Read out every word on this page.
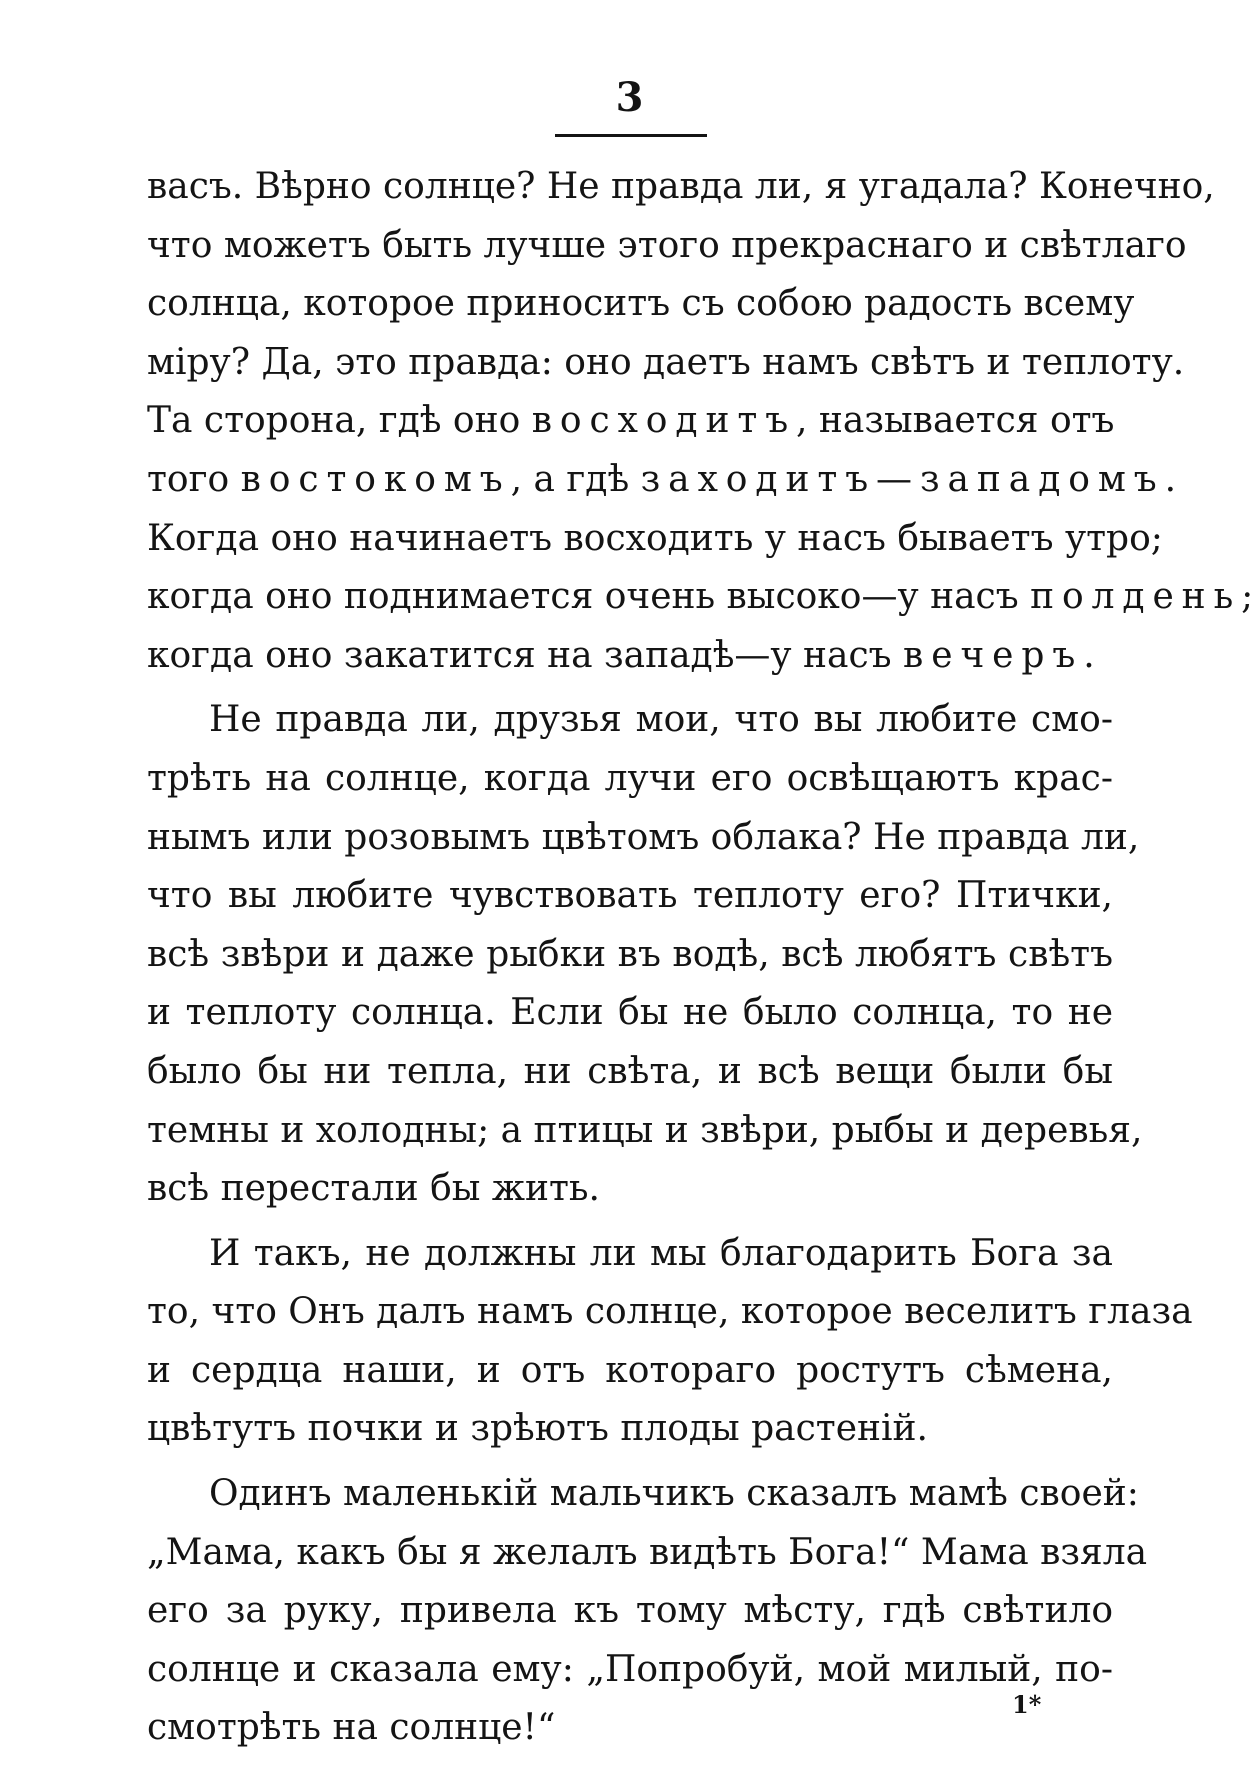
3
васъ. Вѣрно солнце? Не правда ли, я угадала? Конечно,
что можетъ быть лучше этого прекраснаго и свѣтлаго
солнца, которое приноситъ съ собою радость всему
міру? Да, это правда: оно даетъ намъ свѣтъ и теплоту.
Та сторона, гдѣ оно восходитъ, называется отъ
того востокомъ, а гдѣ заходитъ—западомъ.
Когда оно начинаетъ восходить у насъ бываетъ утро;
когда оно поднимается очень высоко—у насъ полдень;
когда оно закатится на западѣ—у насъ вечеръ.
Не правда ли, друзья мои, что вы любите смо-
трѣть на солнце, когда лучи его освѣщаютъ крас-
нымъ или розовымъ цвѣтомъ облака? Не правда ли,
что вы любите чувствовать теплоту его? Птички,
всѣ звѣри и даже рыбки въ водѣ, всѣ любятъ свѣтъ
и теплоту солнца. Если бы не было солнца, то не
было бы ни тепла, ни свѣта, и всѣ вещи были бы
темны и холодны; а птицы и звѣри, рыбы и деревья,
всѣ перестали бы жить.
И такъ, не должны ли мы благодарить Бога за
то, что Онъ далъ намъ солнце, которое веселитъ глаза
и сердца наши, и отъ котораго ростутъ сѣмена,
цвѣтутъ почки и зрѣютъ плоды растеній.
Одинъ маленькій мальчикъ сказалъ мамѣ своей:
„Мама, какъ бы я желалъ видѣть Бога!“ Мама взяла
его за руку, привела къ тому мѣсту, гдѣ свѣтило
солнце и сказала ему: „Попробуй, мой милый, по-
смотрѣть на солнце!“
1*
